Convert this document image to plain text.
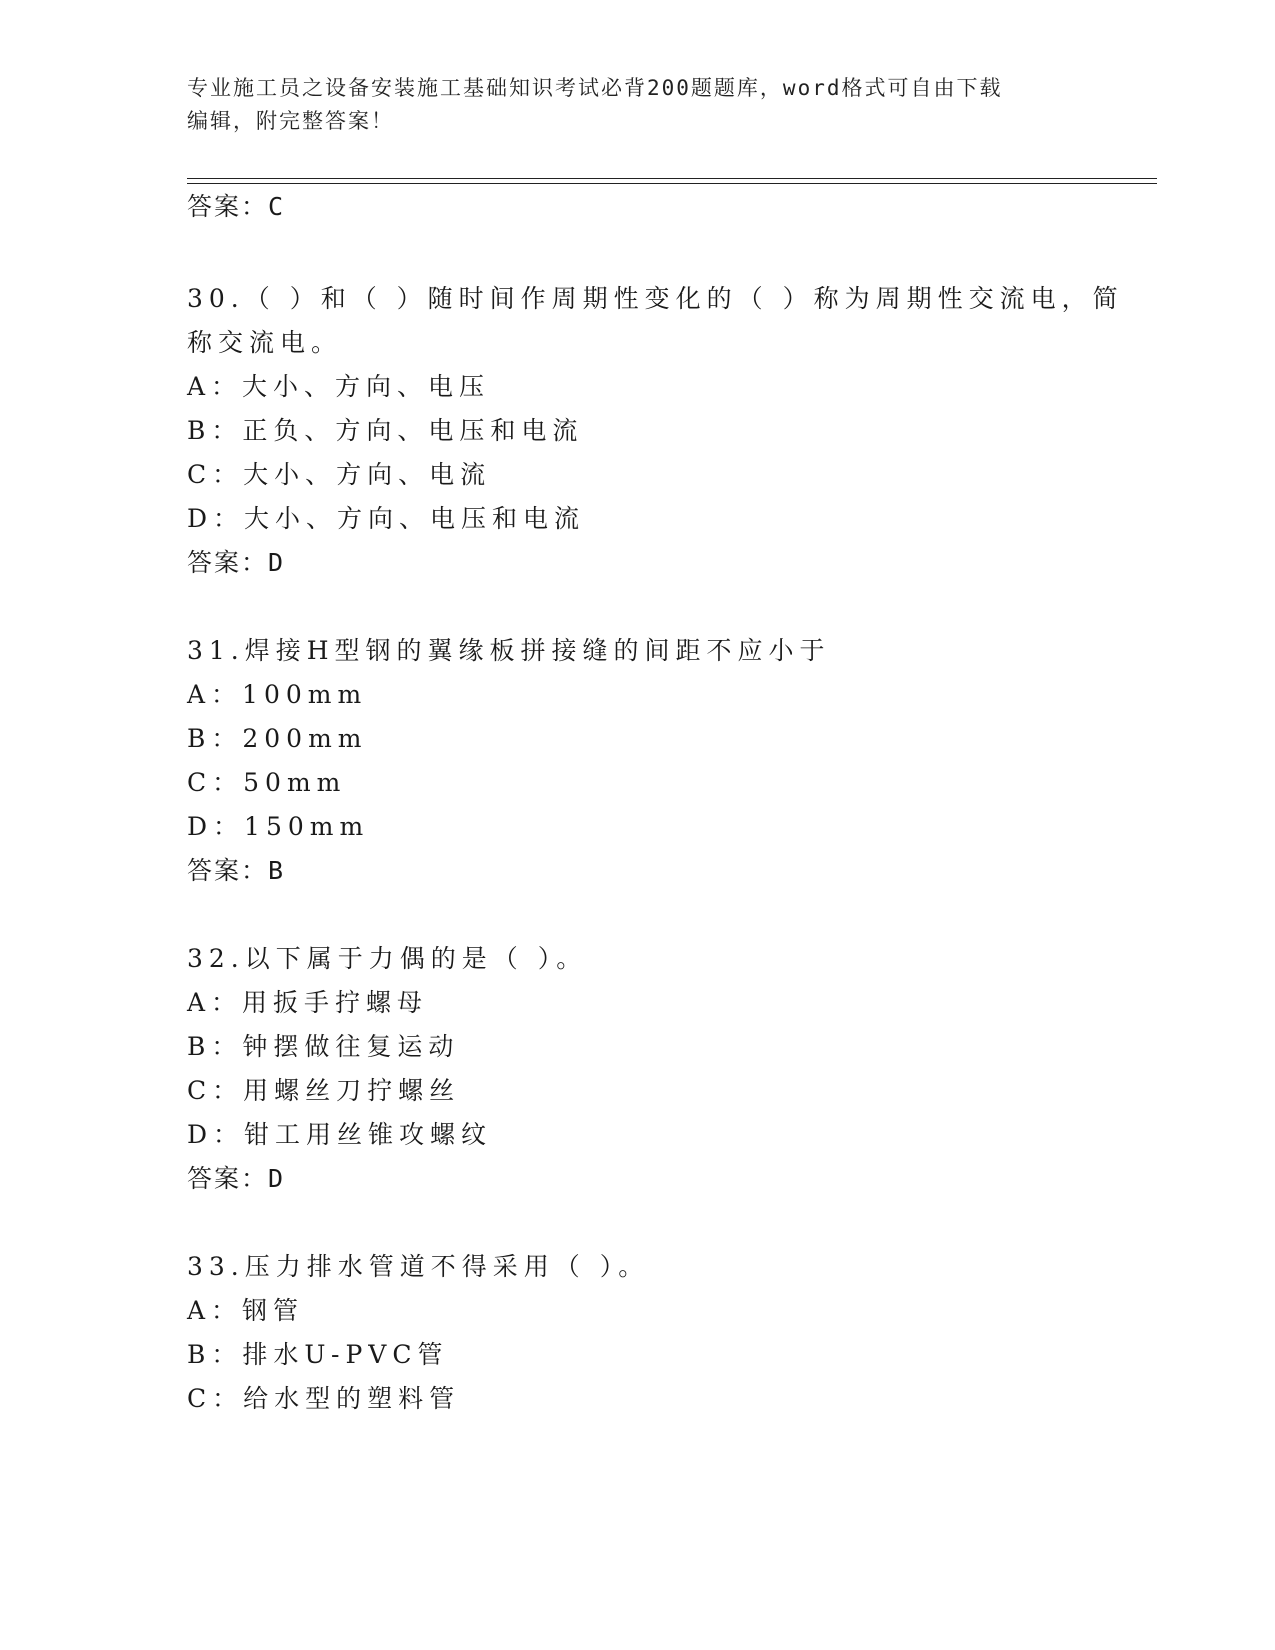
专业施工员之设备安装施工基础知识考试必背200题题库，word格式可自由下载
编辑，附完整答案！
答案：C
30.（ ）和（ ）随时间作周期性变化的（ ）称为周期性交流电，简
称交流电。
A：大小、方向、电压
B：正负、方向、电压和电流
C：大小、方向、电流
D：大小、方向、电压和电流
答案：D
31.焊接H型钢的翼缘板拼接缝的间距不应小于
A：100mm
B：200mm
C：50mm
D：150mm
答案：B
32.以下属于力偶的是（ ）。
A：用扳手拧螺母
B：钟摆做往复运动
C：用螺丝刀拧螺丝
D：钳工用丝锥攻螺纹
答案：D
33.压力排水管道不得采用（ ）。
A：钢管
B：排水U-PVC管
C：给水型的塑料管
